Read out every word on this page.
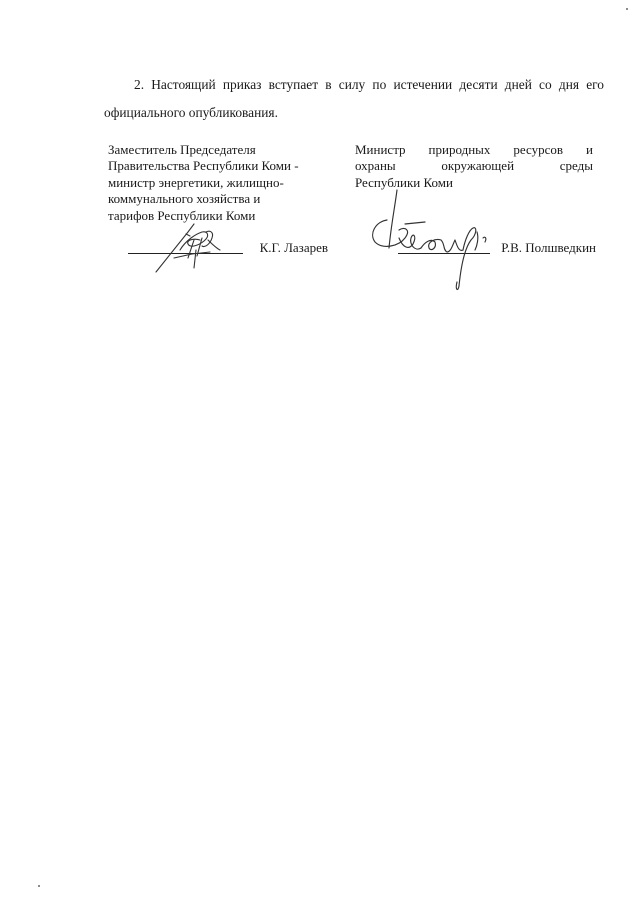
2. Настоящий приказ вступает в силу по истечении десяти дней со дня его официального опубликования.

Заместитель Председателя
Правительства Республики Коми -
министр энергетики, жилищно-
коммунального хозяйства и
тарифов Республики Коми
К.Г. Лазарев
Министр природных ресурсов и
охраны	окружающей	среды
Республики Коми
Р.В. Полшведкин
